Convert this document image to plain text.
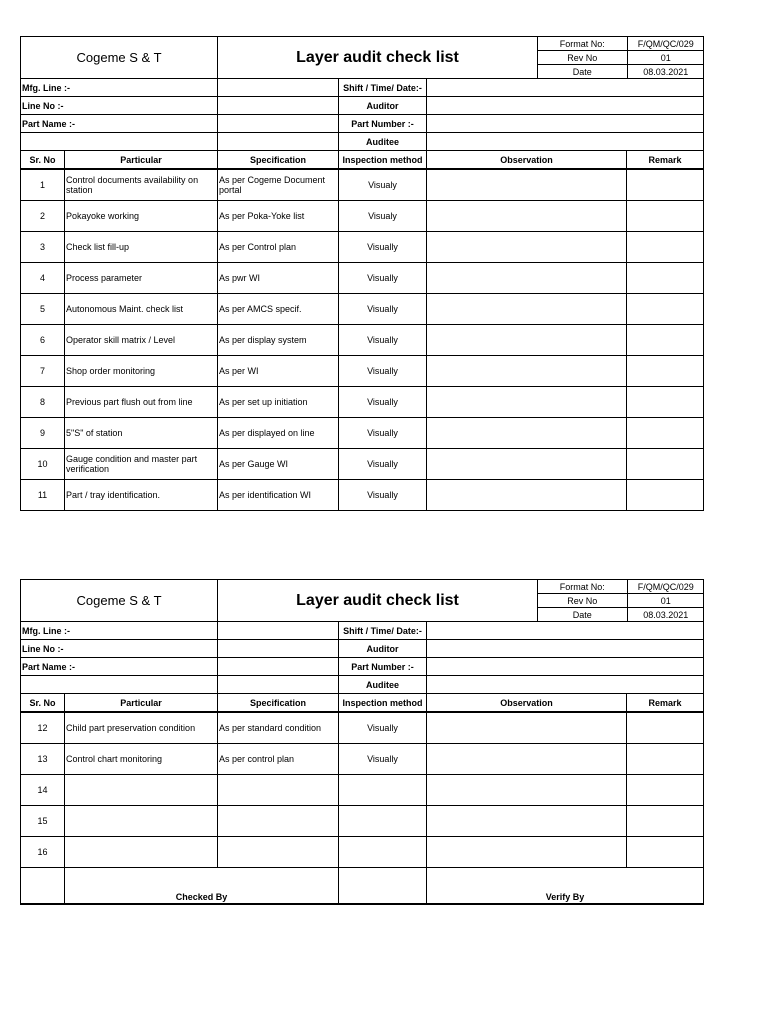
Cogeme S & T	Layer audit check list	
Format No:	F/QM/QC/029
Rev No	01
Date	08.03.2021

Mfg. Line :-		Shift / Time/ Date:-	
Line No :-		Auditor	
Part Name :-		Part Number :-	
		Auditee	
Sr. No	Particular	Specification	Inspection method	Observation	Remark
1	Control documents availability on station	As per Cogeme Document portal	Visualy		
2	Pokayoke working	As per Poka-Yoke list	Visualy		
3	Check list fill-up	As per Control plan	Visually		
4	Process parameter	As pwr WI	Visually		
5	Autonomous Maint. check list	As per AMCS specif.	Visually		
6	Operator skill matrix / Level	As per display system	Visually		
7	Shop order monitoring	As per WI	Visually		
8	Previous part flush out from line	As per set up initiation	Visually		
9	5"S" of station	As per displayed on line	Visually		
10	Gauge condition and master part verification	As per Gauge WI	Visually		
11	Part / tray identification.	As per identification WI	Visually		
Cogeme S & T	Layer audit check list	
Format No:	F/QM/QC/029
Rev No	01
Date	08.03.2021

Mfg. Line :-		Shift / Time/ Date:-	
Line No :-		Auditor	
Part Name :-		Part Number :-	
		Auditee	
Sr. No	Particular	Specification	Inspection method	Observation	Remark
12	Child part preservation condition	As per standard condition	Visually		
13	Control chart monitoring	As per control plan	Visually		
14					
15					
16					
	Checked By		Verify By
